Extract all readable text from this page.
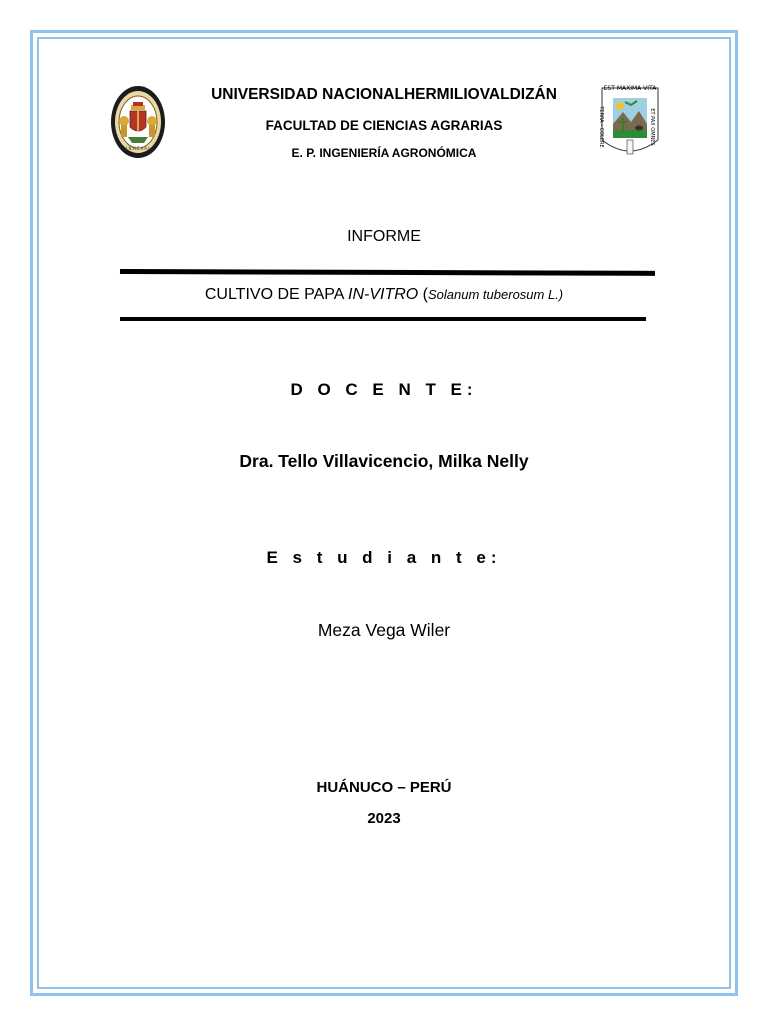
U.N.H.E.V.A.L.
EST MAXIMA VITA
TERRA - COLERE	ET PAX OMNES
UNIVERSIDAD NACIONALHERMILIOVALDIZÁN
FACULTAD DE CIENCIAS AGRARIAS
E. P. INGENIERÍA AGRONÓMICA
INFORME
CULTIVO DE PAPA IN-VITRO (Solanum tuberosum L.)
D O C E N T E:
Dra. Tello Villavicencio, Milka Nelly
E s t u d i a n t e:
Meza Vega Wiler
HUÁNUCO – PERÚ
2023
